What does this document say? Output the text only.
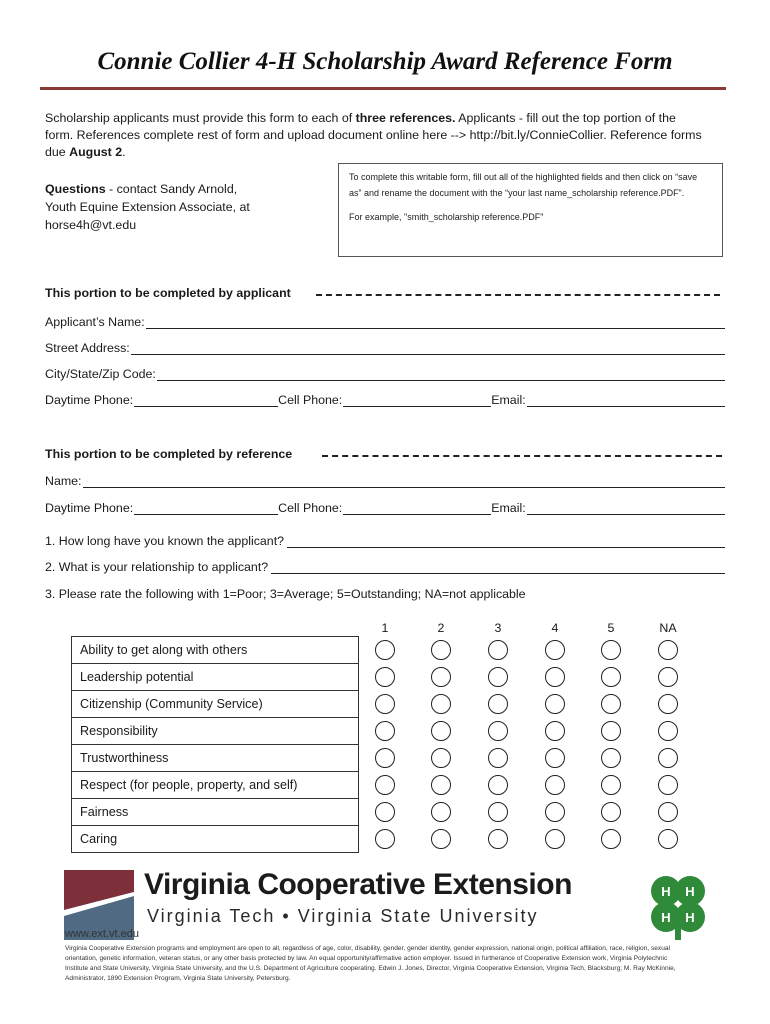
Connie Collier 4-H Scholarship Award Reference Form
Scholarship applicants must provide this form to each of three references. Applicants - fill out the top portion of the form. References complete rest of form and upload document online here --> http://bit.ly/ConnieCollier. Reference forms due August 2.
Questions - contact Sandy Arnold,
Youth Equine Extension Associate, at
horse4h@vt.edu

To complete this writable form, fill out all of the highlighted fields and then click on “save as” and rename the document with the “your last name_scholarship reference.PDF”.

For example, "smith_scholarship reference.PDF"

This portion to be completed by applicant
Applicant’s Name:
Street Address:
City/State/Zip Code:
Daytime Phone:	Cell Phone:	Email:
This portion to be completed by reference
Name:
Daytime Phone:	Cell Phone:	Email:
1. How long have you known the applicant?
2. What is your relationship to applicant?
3. Please rate the following with 1=Poor; 3=Average; 5=Outstanding; NA=not applicable
1	2	3	4	5	NA
Ability to get along with others
Leadership potential
Citizenship (Community Service)
Responsibility
Trustworthiness
Respect (for people, property, and self)
Fairness
Caring
Virginia Cooperative Extension
Virginia Tech • Virginia State University
www.ext.vt.edu
Virginia Cooperative Extension programs and employment are open to all, regardless of age, color, disability, gender, gender identity, gender expression, national origin, political affiliation, race, religion, sexual orientation, genetic information, veteran status, or any other basis protected by law. An equal opportunity/affirmative action employer. Issued in furtherance of Cooperative Extension work, Virginia Polytechnic Institute and State University, Virginia State University, and the U.S. Department of Agriculture cooperating. Edwin J. Jones, Director, Virginia Cooperative Extension, Virginia Tech, Blacksburg; M. Ray McKinnie, Administrator, 1890 Extension Program, Virginia State University, Petersburg.
H H
H H
